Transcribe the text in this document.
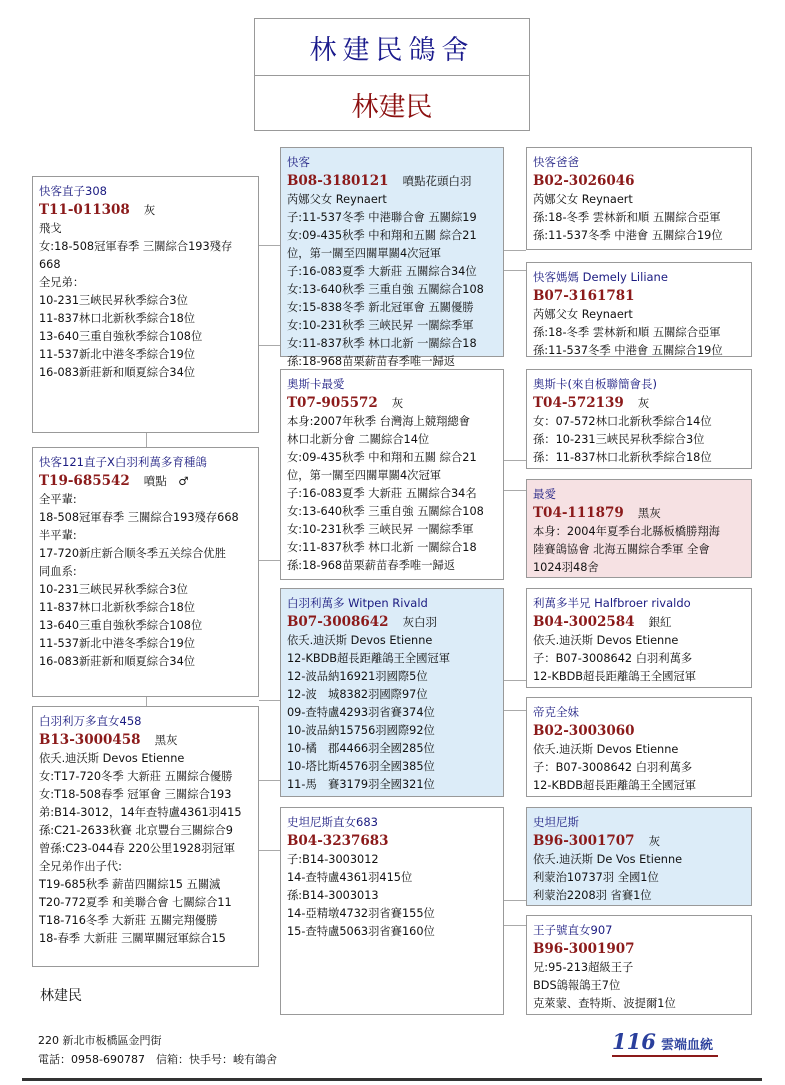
林建民鴿舍
林建民
快客直子308
T11-011308 灰
飛戈
女:18-508冠軍春季 三關綜合193殘存
668
全兄弟：
10-231三峽民昇秋季綜合3位
11-837林口北新秋季綜合18位
13-640三重自強秋季綜合108位
11-537新北中港冬季綜合19位
16-083新莊新和順夏綜合34位
快客121直子X白羽利萬多育種鴿
T19-685542 噴點　♂
全平輩:
18-508冠軍春季 三關綜合193殘存668
半平輩:
17-720新庄新合顺冬季五关综合优胜
同血系:
10-231三峽民昇秋季綜合3位
11-837林口北新秋季綜合18位
13-640三重自強秋季綜合108位
11-537新北中港冬季綜合19位
16-083新莊新和順夏綜合34位
白羽利万多直女458
B13-3000458 黑灰
依夭.迪沃斯 Devos Etienne
女:T17-720冬季 大新莊 五關綜合優勝
女:T18-508春季 冠軍會 三關綜合193
弟:B14-3012，14年查特盧4361羽415
孫:C21-2633秋賽 北京豐台三關綜合9
曾孫:C23-044春 220公里1928羽冠軍
全兄弟作出子代:
T19-685秋季 薪苗四關綜15 五關滅
T20-772夏季 和美聯合會 七關綜合11
T18-716冬季 大新莊 五關完翔優勝
18-春季 大新莊 三關單關冠軍綜合15
快客
B08-3180121 噴點花頭白羽
芮娜父女 Reynaert
子:11-537冬季 中港聯合會 五關綜19
女:09-435秋季 中和翔和五關 綜合21
位，第一關至四關單關4次冠軍
子:16-083夏季 大新莊 五關綜合34位
女:13-640秋季 三重自強 五關綜合108
女:15-838冬季 新北冠軍會 五關優勝
女:10-231秋季 三峽民昇 一關綜季軍
女:11-837秋季 林口北新 一關綜合18
孫:18-968苗栗薪苗春季唯一歸返
奧斯卡最愛
T07-905572 灰
本身:2007年秋季 台灣海上競翔總會
林口北新分會 二關綜合14位
女:09-435秋季 中和翔和五關 綜合21
位，第一關至四關單關4次冠軍
子:16-083夏季 大新莊 五關綜合34名
女:13-640秋季 三重自強 五關綜合108
女:10-231秋季 三峽民昇 一關綜季軍
女:11-837秋季 林口北新 一關綜合18
孫:18-968苗栗薪苗春季唯一歸返
白羽利萬多 Witpen Rivald
B07-3008642 灰白羽
依夭.迪沃斯 Devos Etienne
12-KBDB超長距離鴿王全國冠軍
12-波品納16921羽國際5位
12-波　城8382羽國際97位
09-查特盧4293羽省賽374位
10-波品納15756羽國際92位
10-橘　郡4466羽全國285位
10-塔比斯4576羽全國385位
11-馬　賽3179羽全國321位
史坦尼斯直女683
B04-3237683
子:B14-3003012
14-查特盧4361羽415位
孫:B14-3003013
14-亞精墩4732羽省賽155位
15-查特盧5063羽省賽160位
快客爸爸
B02-3026046
芮娜父女 Reynaert
孫:18-冬季 雲林新和順 五關綜合亞軍
孫:11-537冬季 中港會 五關綜合19位
快客媽媽 Demely Liliane
B07-3161781
芮娜父女 Reynaert
孫:18-冬季 雲林新和順 五關綜合亞軍
孫:11-537冬季 中港會 五關綜合19位
奧斯卡(來自板聯簡會長)
T04-572139 灰
女：07-572林口北新秋季綜合14位
孫：10-231三峽民昇秋季綜合3位
孫：11-837林口北新秋季綜合18位
最愛
T04-111879 黑灰
本身：2004年夏季台北縣板橋勝翔海
陸賽鴿協會 北海五關綜合季軍 全會
1024羽48舍
利萬多半兄 Halfbroer rivaldo
B04-3002584 銀紅
依夭.迪沃斯 Devos Etienne
子：B07-3008642 白羽利萬多
12-KBDB超長距離鴿王全國冠軍
帝克全妹
B02-3003060
依夭.迪沃斯 Devos Etienne
子：B07-3008642 白羽利萬多
12-KBDB超長距離鴿王全國冠軍
史坦尼斯
B96-3001707 灰
依夭.迪沃斯 De Vos Etienne
利蒙治10737羽 全國1位
利蒙治2208羽 省賽1位
王子號直女907
B96-3001907
兄:95-213超級王子
BDS鴿報鴿王7位
克萊蒙、查特斯、波提爾1位
林建民
220 新北市板橋區金門街
電話：0958-690787　信箱：快手号：峻有鴿舍
116 雲端血統
